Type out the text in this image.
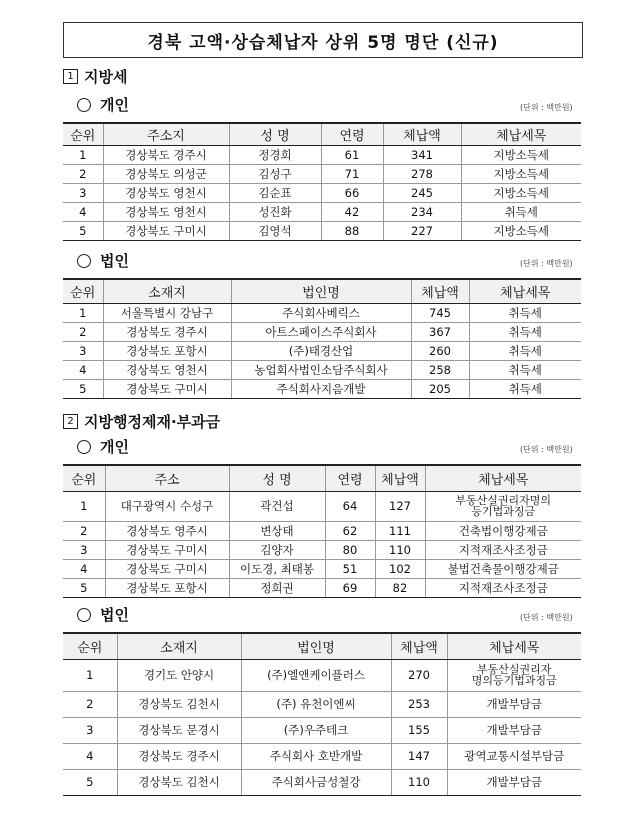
경북 고액·상습체납자 상위 5명 명단 (신규)
1 지방세
개인	(단위 : 백만원)
순위	주소지	성 명	연령	체납액	체납세목
1	경상북도 경주시	정경희	61	341	지방소득세
2	경상북도 의성군	김성구	71	278	지방소득세
3	경상북도 영천시	김순표	66	245	지방소득세
4	경상북도 영천시	성진화	42	234	취득세
5	경상북도 구미시	김영석	88	227	지방소득세
법인	(단위 : 백만원)
순위	소재지	법인명	체납액	체납세목
1	서울특별시 강남구	주식회사베릭스	745	취득세
2	경상북도 경주시	아트스페이스주식회사	367	취득세
3	경상북도 포항시	(주)태경산업	260	취득세
4	경상북도 영천시	농업회사법인소담주식회사	258	취득세
5	경상북도 구미시	주식회사지음개발	205	취득세
2 지방행정제재·부과금
개인	(단위 : 백만원)
순위	주소	성 명	연령	체납액	체납세목
1	대구광역시 수성구	곽건섭	64	127	부동산실권리자명의
등기법과징금
2	경상북도 영주시	변상태	62	111	건축법이행강제금
3	경상북도 구미시	김양자	80	110	지적재조사조정금
4	경상북도 구미시	이도경, 최태봉	51	102	불법건축물이행강제금
5	경상북도 포항시	정희권	69	82	지적재조사조정금
법인	(단위 : 백만원)
순위	소재지	법인명	체납액	체납세목
1	경기도 안양시	(주)엘앤케이플러스	270	부동산실권리자
명의등기법과징금
2	경상북도 김천시	(주) 유천이엔씨	253	개발부담금
3	경상북도 문경시	(주)우주테크	155	개발부담금
4	경상북도 경주시	주식회사 호반개발	147	광역교통시설부담금
5	경상북도 김천시	주식회사금성철강	110	개발부담금
